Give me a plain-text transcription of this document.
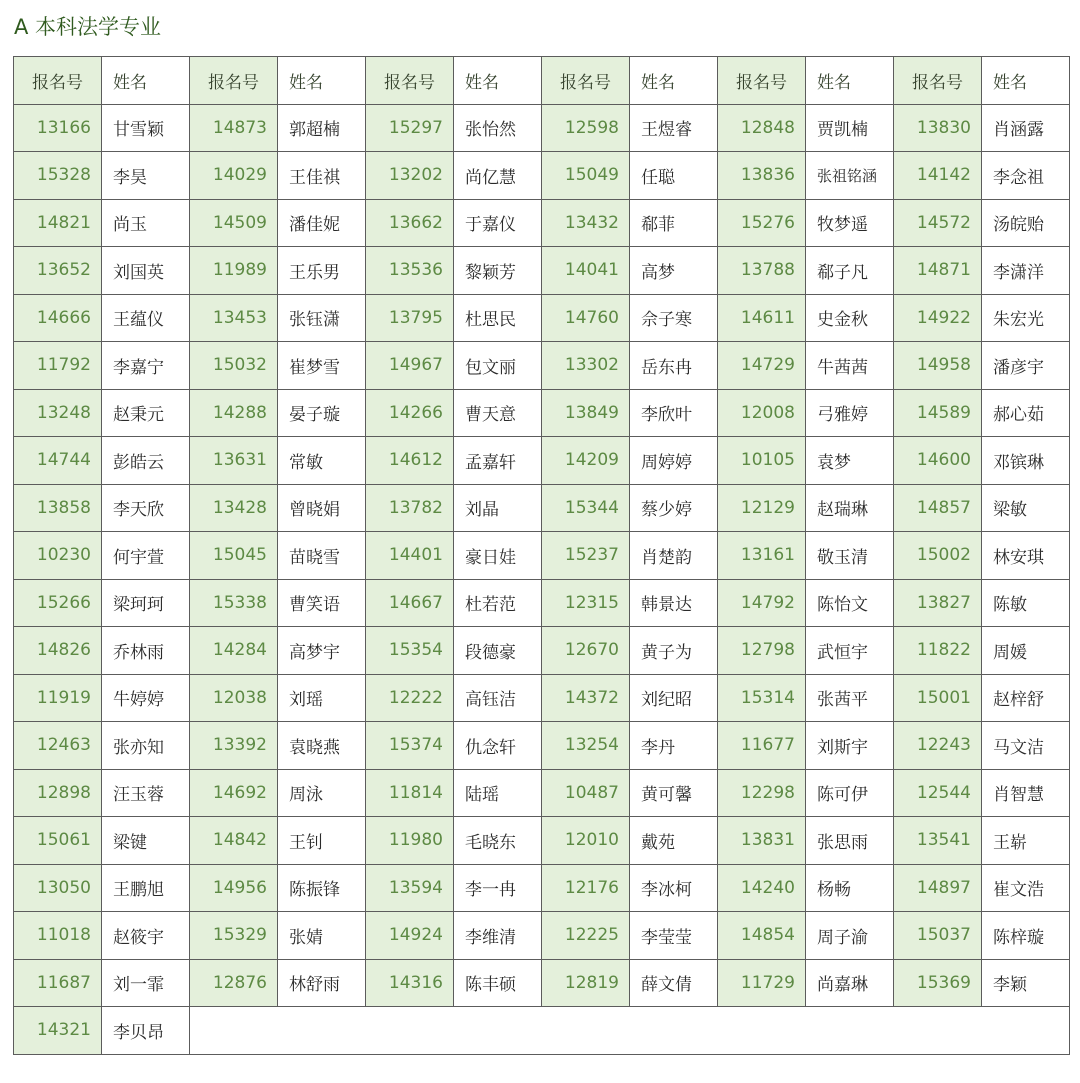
A 本科法学专业
报名号	姓名	报名号	姓名	报名号	姓名	报名号	姓名	报名号	姓名	报名号	姓名
13166	甘雪颖	14873	郭超楠	15297	张怡然	12598	王煜睿	12848	贾凯楠	13830	肖涵露
15328	李昊	14029	王佳祺	13202	尚亿慧	15049	任聪	13836	张祖铭涵	14142	李念祖
14821	尚玉	14509	潘佳妮	13662	于嘉仪	13432	郗菲	15276	牧梦遥	14572	汤皖贻
13652	刘国英	11989	王乐男	13536	黎颖芳	14041	高梦	13788	郗子凡	14871	李潇洋
14666	王蕴仪	13453	张钰潇	13795	杜思民	14760	佘子寒	14611	史金秋	14922	朱宏光
11792	李嘉宁	15032	崔梦雪	14967	包文丽	13302	岳东冉	14729	牛茜茜	14958	潘彦宇
13248	赵秉元	14288	晏子璇	14266	曹天意	13849	李欣叶	12008	弓雅婷	14589	郝心茹
14744	彭皓云	13631	常敏	14612	孟嘉轩	14209	周婷婷	10105	袁梦	14600	邓镔琳
13858	李天欣	13428	曾晓娟	13782	刘晶	15344	蔡少婷	12129	赵瑞琳	14857	梁敏
10230	何宇萱	15045	苗晓雪	14401	豪日娃	15237	肖楚韵	13161	敬玉清	15002	林安琪
15266	梁珂珂	15338	曹笑语	14667	杜若范	12315	韩景达	14792	陈怡文	13827	陈敏
14826	乔林雨	14284	高梦宇	15354	段德豪	12670	黄子为	12798	武恒宇	11822	周媛
11919	牛婷婷	12038	刘瑶	12222	高钰洁	14372	刘纪昭	15314	张茜平	15001	赵梓舒
12463	张亦知	13392	袁晓燕	15374	仇念轩	13254	李丹	11677	刘斯宇	12243	马文洁
12898	汪玉蓉	14692	周泳	11814	陆瑶	10487	黄可馨	12298	陈可伊	12544	肖智慧
15061	梁键	14842	王钊	11980	毛晓东	12010	戴苑	13831	张思雨	13541	王崭
13050	王鹏旭	14956	陈振锋	13594	李一冉	12176	李冰柯	14240	杨畅	14897	崔文浩
11018	赵筱宇	15329	张婧	14924	李维清	12225	李莹莹	14854	周子渝	15037	陈梓璇
11687	刘一霏	12876	林舒雨	14316	陈丰硕	12819	薛文倩	11729	尚嘉琳	15369	李颖
14321	李贝昂										
